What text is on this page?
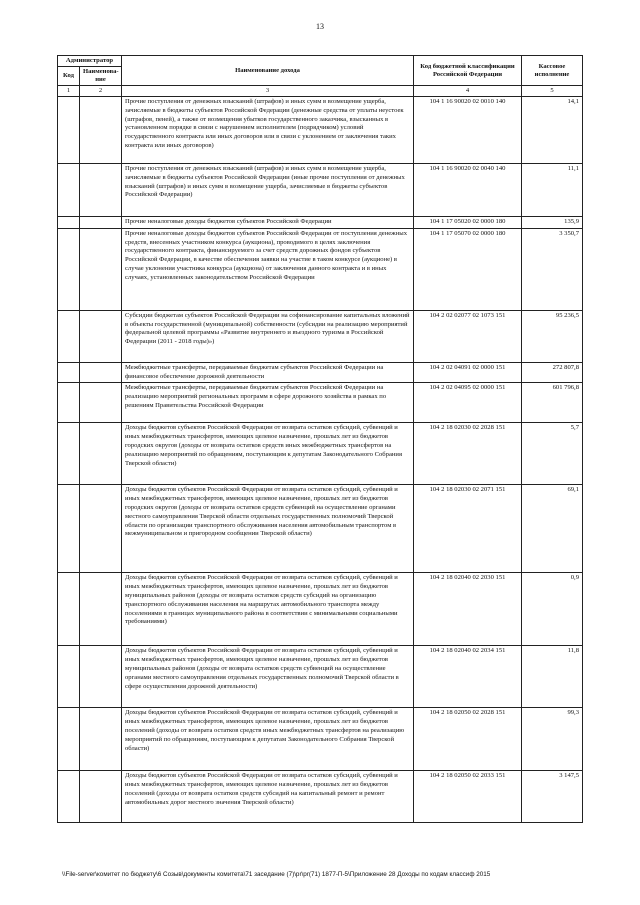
13
Администратор		Наименование дохода	Код бюджетной классификации Российской Федерации	Кассовое исполнение
Код	Наименова-ние			
1	2	3	4	5
		Прочие поступления от денежных взысканий (штрафов) и иных сумм в возмещение ущерба, зачисляемые в бюджеты субъектов Российской Федерации (денежные средства от уплаты неустоек (штрафов, пеней), а также от возмещения убытков государственного заказчика, взысканных в установленном порядке в связи с нарушением исполнителем (подрядчиком) условий государственного контракта или иных договоров или в связи с уклонением от заключения таких контракта или иных договоров)	104 1 16 90020 02 0010 140	14,1
		Прочие поступления от денежных взысканий (штрафов) и иных сумм в возмещение ущерба, зачисляемые в бюджеты субъектов Российской Федерации (иные прочие поступления от денежных взысканий (штрафов) и иных сумм в возмещение ущерба, зачисляемые в бюджеты субъектов Российской Федерации)	104 1 16 90020 02 0040 140	11,1
		Прочие неналоговые доходы бюджетов субъектов Российской Федерации	104 1 17 05020 02 0000 180	135,9
		Прочие неналоговые доходы бюджетов субъектов Российской Федерации от поступления денежных средств, внесенных участником конкурса (аукциона), проводимого в целях заключения государственного контракта, финансируемого за счет средств дорожных фондов субъектов Российской Федерации, в качестве обеспечения заявки на участие в таком конкурсе (аукционе) в случае уклонения участника конкурса (аукциона) от заключения данного контракта и в иных случаях, установленных законодательством Российской Федерации	104 1 17 05070 02 0000 180	3 350,7
		Субсидии бюджетам субъектов Российской Федерации на софинансирование капитальных вложений в объекты государственной (муниципальной) собственности (субсидии на реализацию мероприятий федеральной целевой программы «Развитие внутреннего и въездного туризма в Российской Федерации (2011 - 2018 годы)»)	104 2 02 02077 02 1073 151	95 236,5
		Межбюджетные трансферты, передаваемые бюджетам субъектов Российской Федерации на финансовое обеспечение дорожной деятельности	104 2 02 04091 02 0000 151	272 807,8
		Межбюджетные трансферты, передаваемые бюджетам субъектов Российской Федерации на реализацию мероприятий региональных программ в сфере дорожного хозяйства в рамках по решениям Правительства Российской Федерации	104 2 02 04095 02 0000 151	601 796,8
		Доходы бюджетов субъектов Российской Федерации от возврата остатков субсидий, субвенций и иных межбюджетных трансфертов, имеющих целевое назначение, прошлых лет из бюджетов городских округов (доходы от возврата остатков средств иных межбюджетных трансфертов на реализацию мероприятий по обращениям, поступающим к депутатам Законодательного Собрания Тверской области)	104 2 18 02030 02 2028 151	5,7
		Доходы бюджетов субъектов Российской Федерации от возврата остатков субсидий, субвенций и иных межбюджетных трансфертов, имеющих целевое назначение, прошлых лет из бюджетов городских округов (доходы от возврата остатков средств субвенций на осуществление органами местного самоуправления Тверской области отдельных государственных полномочий Тверской области по организации транспортного обслуживания населения автомобильным транспортом в межмуниципальном и пригородном сообщении Тверской области)	104 2 18 02030 02 2071 151	69,1
		Доходы бюджетов субъектов Российской Федерации от возврата остатков субсидий, субвенций и иных межбюджетных трансфертов, имеющих целевое назначение, прошлых лет из бюджетов муниципальных районов (доходы от возврата остатков средств субсидий на организацию транспортного обслуживания населения на маршрутах автомобильного транспорта между поселениями в границах муниципального района в соответствии с минимальными социальными требованиями)	104 2 18 02040 02 2030 151	0,9
		Доходы бюджетов субъектов Российской Федерации от возврата остатков субсидий, субвенций и иных межбюджетных трансфертов, имеющих целевое назначение, прошлых лет из бюджетов муниципальных районов (доходы от возврата остатков средств субвенций на осуществление органами местного самоуправления отдельных государственных полномочий Тверской области в сфере осуществления дорожной деятельности)	104 2 18 02040 02 2034 151	11,8
		Доходы бюджетов субъектов Российской Федерации от возврата остатков субсидий, субвенций и иных межбюджетных трансфертов, имеющих целевое назначение, прошлых лет из бюджетов поселений (доходы от возврата остатков средств иных межбюджетных трансфертов на реализацию мероприятий по обращениям, поступающим к депутатам Законодательного Собрания Тверской области)	104 2 18 02050 02 2028 151	99,3
		Доходы бюджетов субъектов Российской Федерации от возврата остатков субсидий, субвенций и иных межбюджетных трансфертов, имеющих целевое назначение, прошлых лет из бюджетов поселений (доходы от возврата остатков средств субсидий на капитальный ремонт и ремонт автомобильных дорог местного значения Тверской области)	104 2 18 02050 02 2033 151	3 147,5
\\File-server\комитет по бюджету\6 Созыв\документы комитета\71 заседание (7)\pr\pr(71) 1877-П-5\Приложение 28 Доходы по кодам классиф 2015
